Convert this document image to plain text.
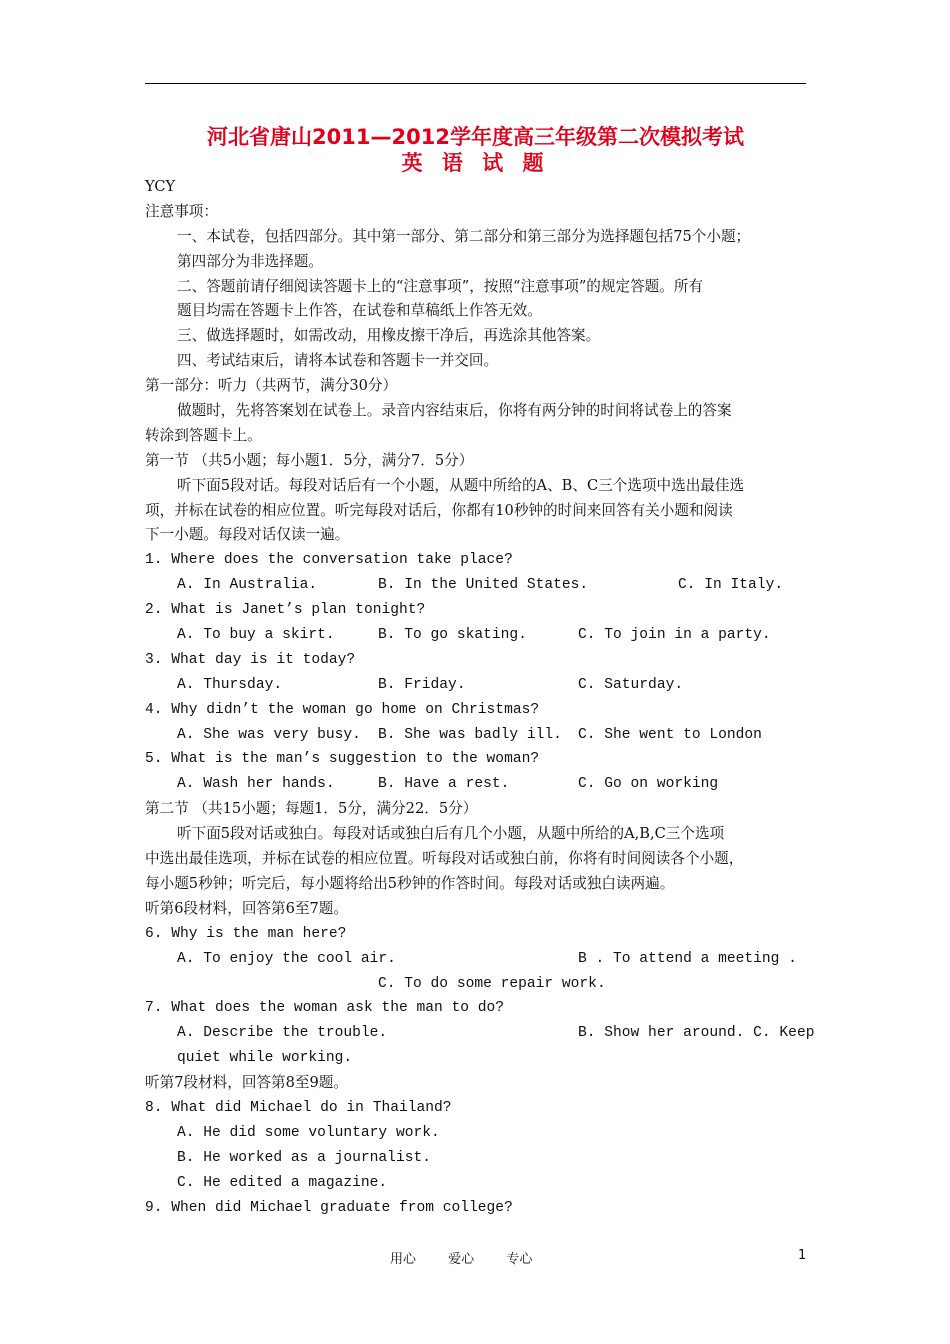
河北省唐山2011—2012学年度高三年级第二次模拟考试
英 语 试 题
YCY
注意事项：
一、本试卷，包括四部分。其中第一部分、第二部分和第三部分为选择题包括75个小题；
第四部分为非选择题。
二、答题前请仔细阅读答题卡上的“注意事项”，按照“注意事项”的规定答题。所有
题目均需在答题卡上作答，在试卷和草稿纸上作答无效。
三、做选择题时，如需改动，用橡皮擦干净后，再选涂其他答案。
四、考试结束后，请将本试卷和答题卡一并交回。
第一部分：听力（共两节，满分30分）
做题时，先将答案划在试卷上。录音内容结束后，你将有两分钟的时间将试卷上的答案
转涂到答题卡上。
第一节 （共5小题；每小题1．5分，满分7．5分）
听下面5段对话。每段对话后有一个小题，从题中所给的A、B、C三个选项中选出最佳选
项，并标在试卷的相应位置。听完每段对话后，你都有10秒钟的时间来回答有关小题和阅读
下一小题。每段对话仅读一遍。
1. Where does the conversation take place?
A. In Australia.	B. In the United States.	C. In Italy.
2. What is Janet’s plan tonight?
A. To buy a skirt.	B. To go skating.	C. To join in a party.
3. What day is it today?
A. Thursday.	B. Friday.	C. Saturday.
4. Why didn’t the woman go home on Christmas?
A. She was very busy. B. She was badly ill. C. She went to London
5. What is the man’s suggestion to the woman?
A. Wash her hands.	B. Have a rest.	C. Go on working
第二节 （共15小题；每题1．5分，满分22．5分）
听下面5段对话或独白。每段对话或独白后有几个小题，从题中所给的A,B,C三个选项
中选出最佳选项，并标在试卷的相应位置。听每段对话或独白前，你将有时间阅读各个小题，
每小题5秒钟；听完后，每小题将给出5秒钟的作答时间。每段对话或独白读两遍。
听第6段材料，回答第6至7题。
6. Why is the man here?
A. To enjoy the cool air.	B . To attend a meeting .
C. To do some repair work.
7. What does the woman ask the man to do?
A. Describe the trouble.	B. Show her around. C. Keep
quiet while working.
听第7段材料，回答第8至9题。
8. What did Michael do in Thailand?
A. He did some voluntary work.
B. He worked as a journalist.
C. He edited a magazine.
9. When did Michael graduate from college?
用心 爱心 专心	1
